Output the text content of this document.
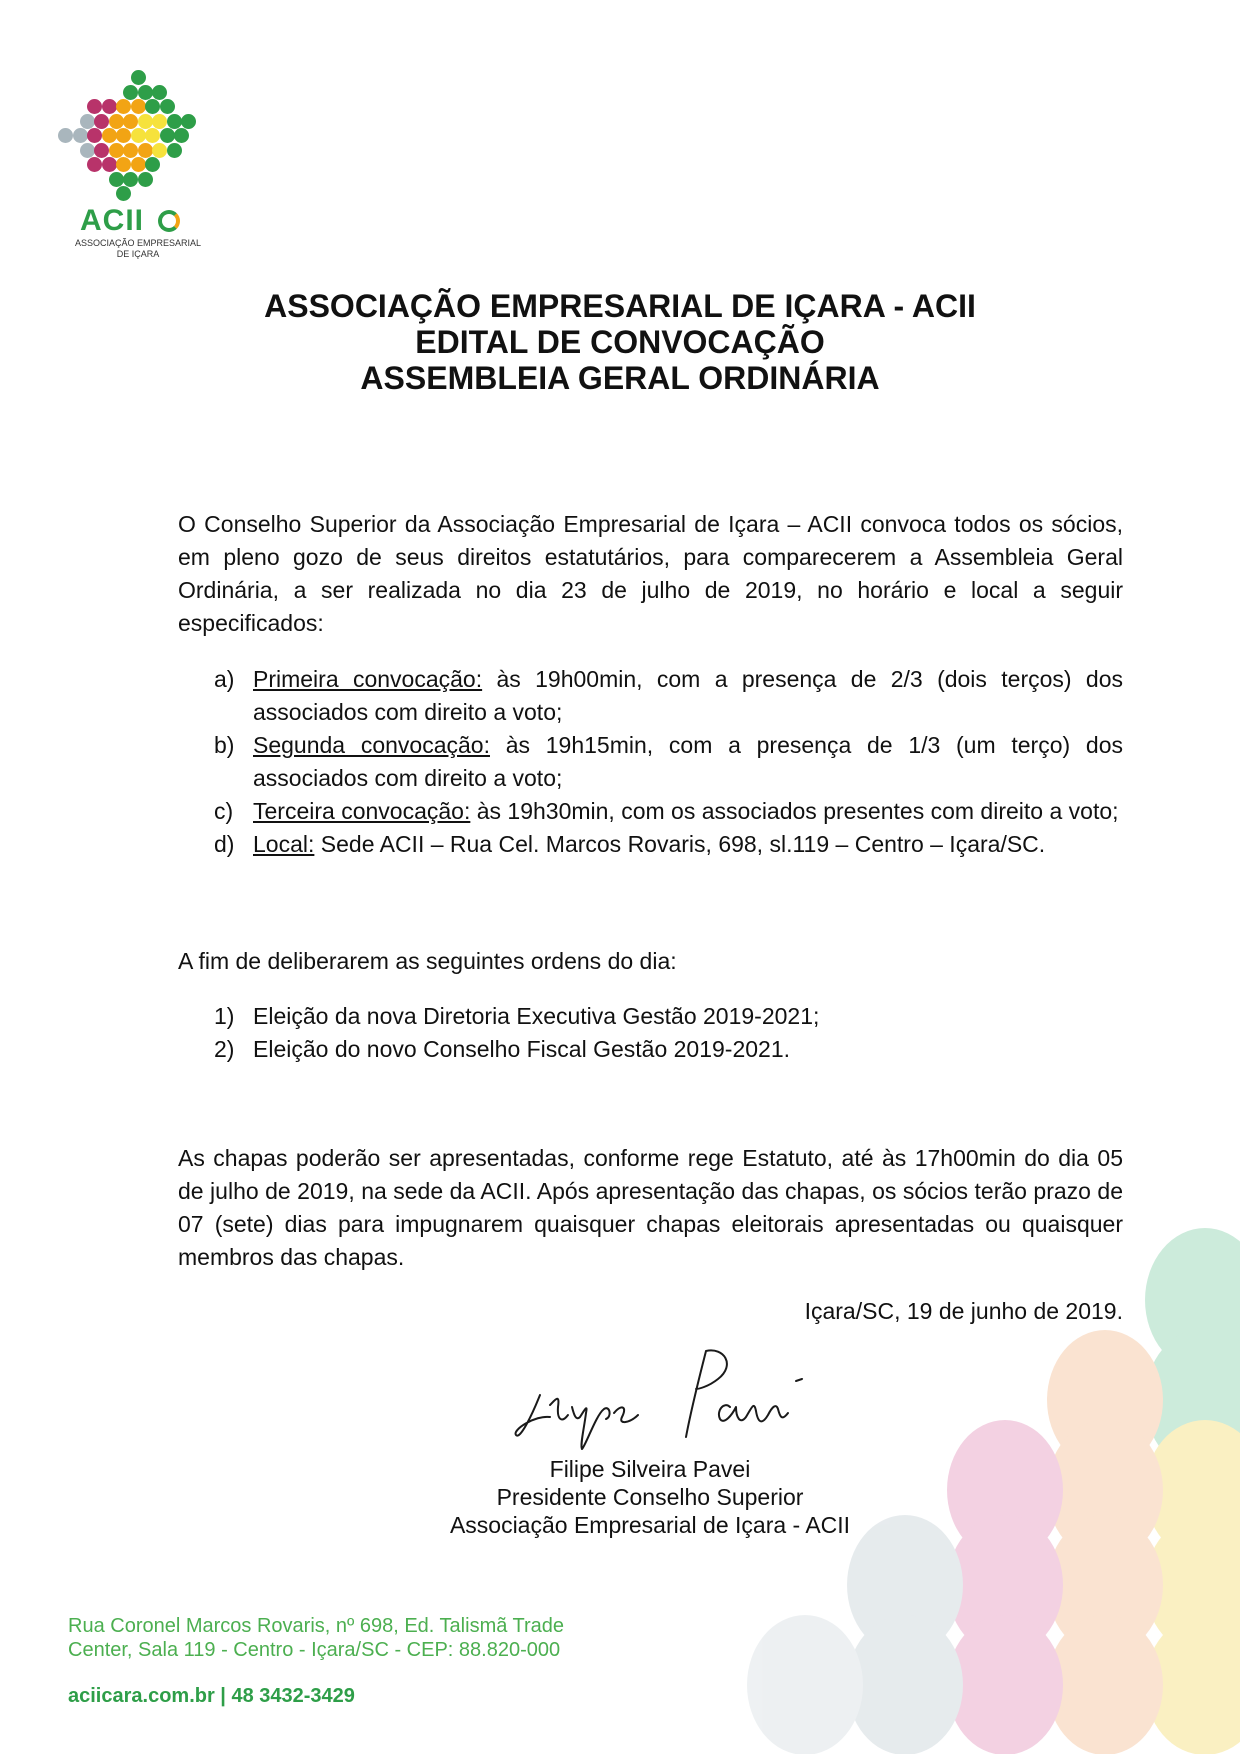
ACII
ASSOCIAÇÃO EMPRESARIAL
DE IÇARA
ASSOCIAÇÃO EMPRESARIAL DE IÇARA - ACII
EDITAL DE CONVOCAÇÃO
ASSEMBLEIA GERAL ORDINÁRIA

O Conselho Superior da Associação Empresarial de Içara – ACII convoca todos os sócios, em pleno gozo de seus direitos estatutários, para comparecerem a Assembleia Geral Ordinária, a ser realizada no dia 23 de julho de 2019, no horário e local a seguir especificados:

a) Primeira convocação: às 19h00min, com a presença de 2/3 (dois terços) dos associados com direito a voto;
b) Segunda convocação: às 19h15min, com a presença de 1/3 (um terço) dos associados com direito a voto;
c) Terceira convocação: às 19h30min, com os associados presentes com direito a voto;
d) Local: Sede ACII – Rua Cel. Marcos Rovaris, 698, sl.119 – Centro – Içara/SC.

A fim de deliberarem as seguintes ordens do dia:

1) Eleição da nova Diretoria Executiva Gestão 2019-2021;
2) Eleição do novo Conselho Fiscal Gestão 2019-2021.

As chapas poderão ser apresentadas, conforme rege Estatuto, até às 17h00min do dia 05 de julho de 2019, na sede da ACII. Após apresentação das chapas, os sócios terão prazo de 07 (sete) dias para impugnarem quaisquer chapas eleitorais apresentadas ou quaisquer membros das chapas.

Içara/SC, 19 de junho de 2019.
Filipe Silveira Pavei
Presidente Conselho Superior
Associação Empresarial de Içara - ACII
Rua Coronel Marcos Rovaris, nº 698, Ed. Talismã Trade
Center, Sala 119 - Centro - Içara/SC - CEP: 88.820-000
aciicara.com.br | 48 3432-3429
